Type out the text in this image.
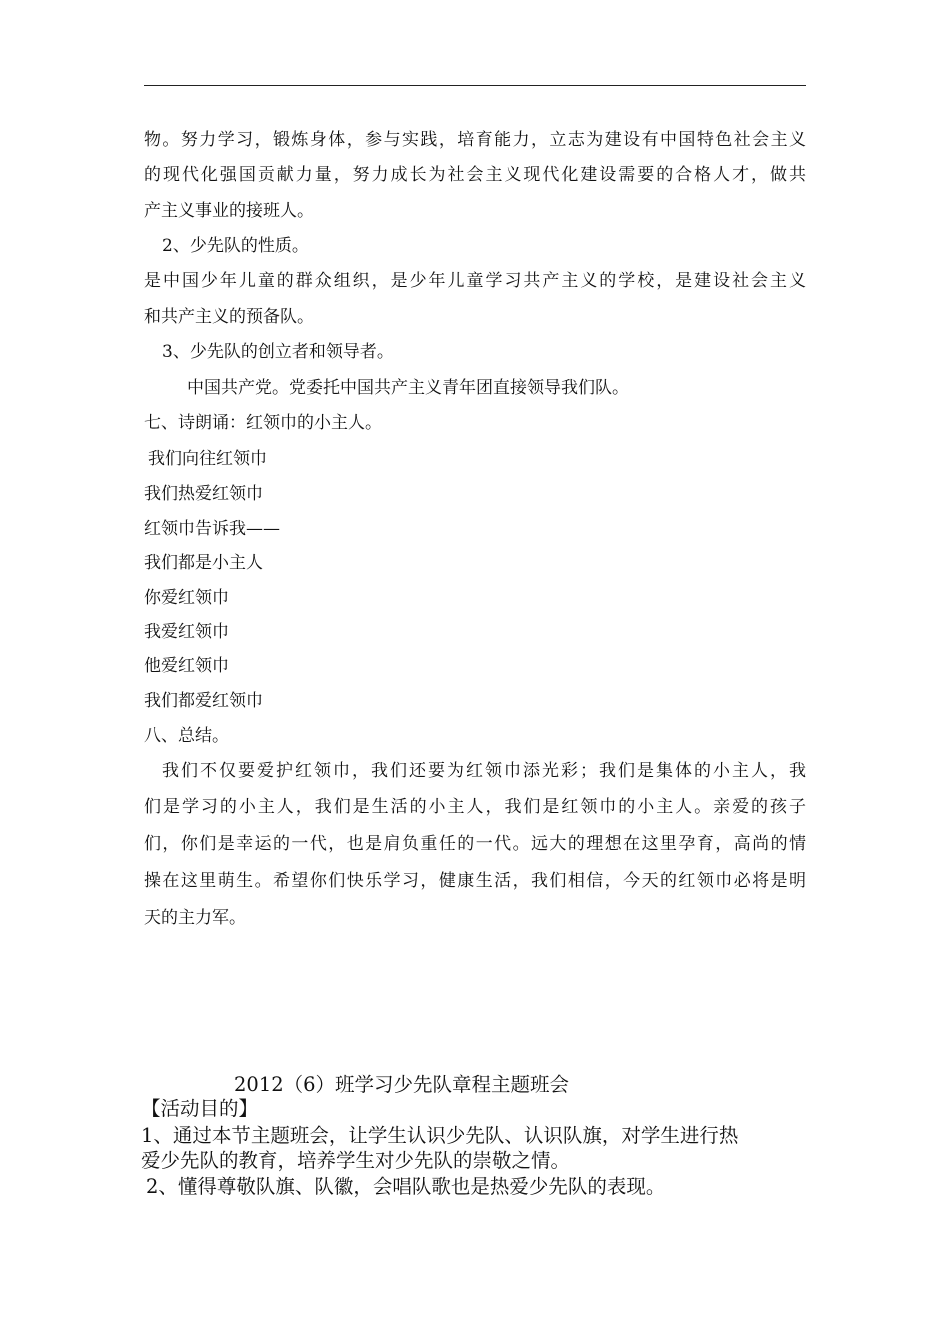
物。努力学习，锻炼身体，参与实践，培育能力，立志为建设有中国特色社会主义
的现代化强国贡献力量，努力成长为社会主义现代化建设需要的合格人才，做共
产主义事业的接班人。
2、少先队的性质。
是中国少年儿童的群众组织，是少年儿童学习共产主义的学校，是建设社会主义
和共产主义的预备队。
3、少先队的创立者和领导者。
中国共产党。党委托中国共产主义青年团直接领导我们队。
七、诗朗诵：红领巾的小主人。
我们向往红领巾
我们热爱红领巾
红领巾告诉我——
我们都是小主人
你爱红领巾
我爱红领巾
他爱红领巾
我们都爱红领巾
八、总结。
我们不仅要爱护红领巾，我们还要为红领巾添光彩；我们是集体的小主人，我
们是学习的小主人，我们是生活的小主人，我们是红领巾的小主人。亲爱的孩子
们，你们是幸运的一代，也是肩负重任的一代。远大的理想在这里孕育，高尚的情
操在这里萌生。希望你们快乐学习，健康生活，我们相信，今天的红领巾必将是明
天的主力军。
2012（6）班学习少先队章程主题班会
【活动目的】
1、通过本节主题班会，让学生认识少先队、认识队旗，对学生进行热
爱少先队的教育，培养学生对少先队的崇敬之情。
2、懂得尊敬队旗、队徽，会唱队歌也是热爱少先队的表现。
